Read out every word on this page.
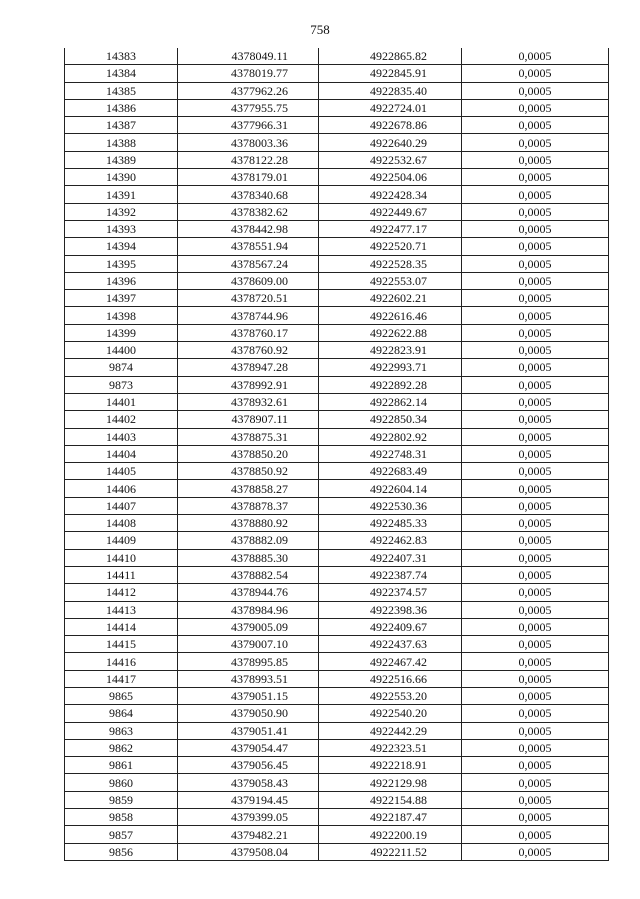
758
14383	4378049.11	4922865.82	0,0005
14384	4378019.77	4922845.91	0,0005
14385	4377962.26	4922835.40	0,0005
14386	4377955.75	4922724.01	0,0005
14387	4377966.31	4922678.86	0,0005
14388	4378003.36	4922640.29	0,0005
14389	4378122.28	4922532.67	0,0005
14390	4378179.01	4922504.06	0,0005
14391	4378340.68	4922428.34	0,0005
14392	4378382.62	4922449.67	0,0005
14393	4378442.98	4922477.17	0,0005
14394	4378551.94	4922520.71	0,0005
14395	4378567.24	4922528.35	0,0005
14396	4378609.00	4922553.07	0,0005
14397	4378720.51	4922602.21	0,0005
14398	4378744.96	4922616.46	0,0005
14399	4378760.17	4922622.88	0,0005
14400	4378760.92	4922823.91	0,0005
9874	4378947.28	4922993.71	0,0005
9873	4378992.91	4922892.28	0,0005
14401	4378932.61	4922862.14	0,0005
14402	4378907.11	4922850.34	0,0005
14403	4378875.31	4922802.92	0,0005
14404	4378850.20	4922748.31	0,0005
14405	4378850.92	4922683.49	0,0005
14406	4378858.27	4922604.14	0,0005
14407	4378878.37	4922530.36	0,0005
14408	4378880.92	4922485.33	0,0005
14409	4378882.09	4922462.83	0,0005
14410	4378885.30	4922407.31	0,0005
14411	4378882.54	4922387.74	0,0005
14412	4378944.76	4922374.57	0,0005
14413	4378984.96	4922398.36	0,0005
14414	4379005.09	4922409.67	0,0005
14415	4379007.10	4922437.63	0,0005
14416	4378995.85	4922467.42	0,0005
14417	4378993.51	4922516.66	0,0005
9865	4379051.15	4922553.20	0,0005
9864	4379050.90	4922540.20	0,0005
9863	4379051.41	4922442.29	0,0005
9862	4379054.47	4922323.51	0,0005
9861	4379056.45	4922218.91	0,0005
9860	4379058.43	4922129.98	0,0005
9859	4379194.45	4922154.88	0,0005
9858	4379399.05	4922187.47	0,0005
9857	4379482.21	4922200.19	0,0005
9856	4379508.04	4922211.52	0,0005
